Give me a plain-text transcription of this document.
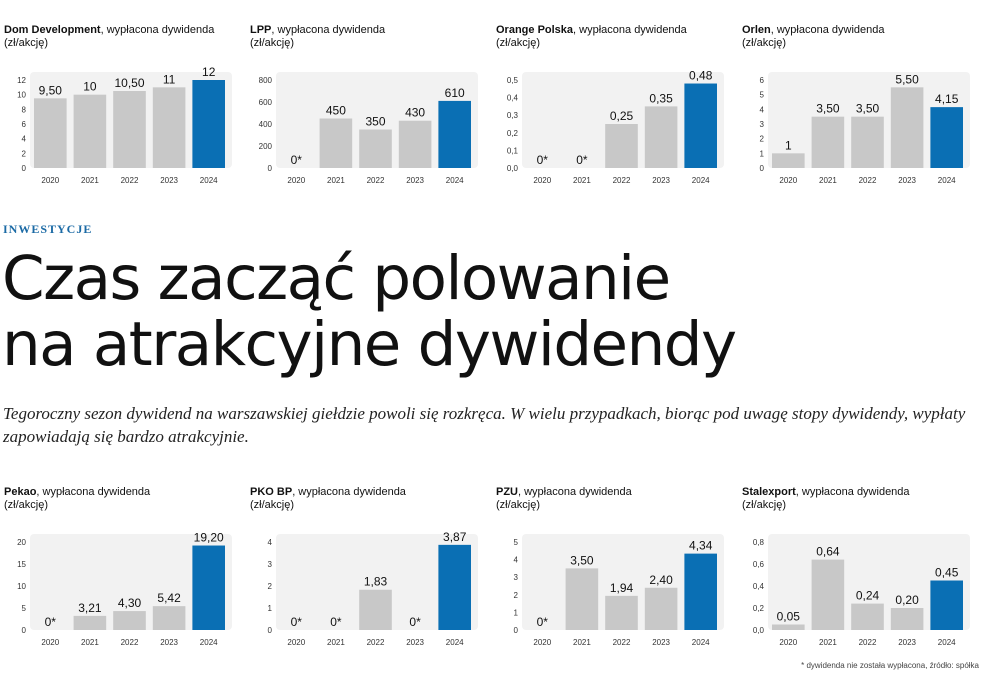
Dom Development, wypłacona dywidenda
(zł/akcję)
0
2
4
6
8
10
12
9,50
2020
10
2021
10,50
2022
11
2023
12
2024
LPP, wypłacona dywidenda
(zł/akcję)
0
200
400
600
800
0*
2020
450
2021
350
2022
430
2023
610
2024
Orange Polska, wypłacona dywidenda
(zł/akcję)
0,0
0,1
0,2
0,3
0,4
0,5
0*
2020
0*
2021
0,25
2022
0,35
2023
0,48
2024
Orlen, wypłacona dywidenda
(zł/akcję)
0
1
2
3
4
5
6
1
2020
3,50
2021
3,50
2022
5,50
2023
4,15
2024
INWESTYCJE
Czas zacząć polowanie
na atrakcyjne dywidendy
Tegoroczny sezon dywidend na warszawskiej giełdzie powoli się rozkręca. W wielu przypadkach, biorąc pod uwagę stopy dywidendy, wypłaty zapowiadają się bardzo atrakcyjnie.
Pekao, wypłacona dywidenda
(zł/akcję)
0
5
10
15
20
0*
2020
3,21
2021
4,30
2022
5,42
2023
19,20
2024
PKO BP, wypłacona dywidenda
(zł/akcję)
0
1
2
3
4
0*
2020
0*
2021
1,83
2022
0*
2023
3,87
2024
PZU, wypłacona dywidenda
(zł/akcję)
0
1
2
3
4
5
0*
2020
3,50
2021
1,94
2022
2,40
2023
4,34
2024
Stalexport, wypłacona dywidenda
(zł/akcję)
0,0
0,2
0,4
0,6
0,8
0,05
2020
0,64
2021
0,24
2022
0,20
2023
0,45
2024
* dywidenda nie została wypłacona, źródło: spółka
